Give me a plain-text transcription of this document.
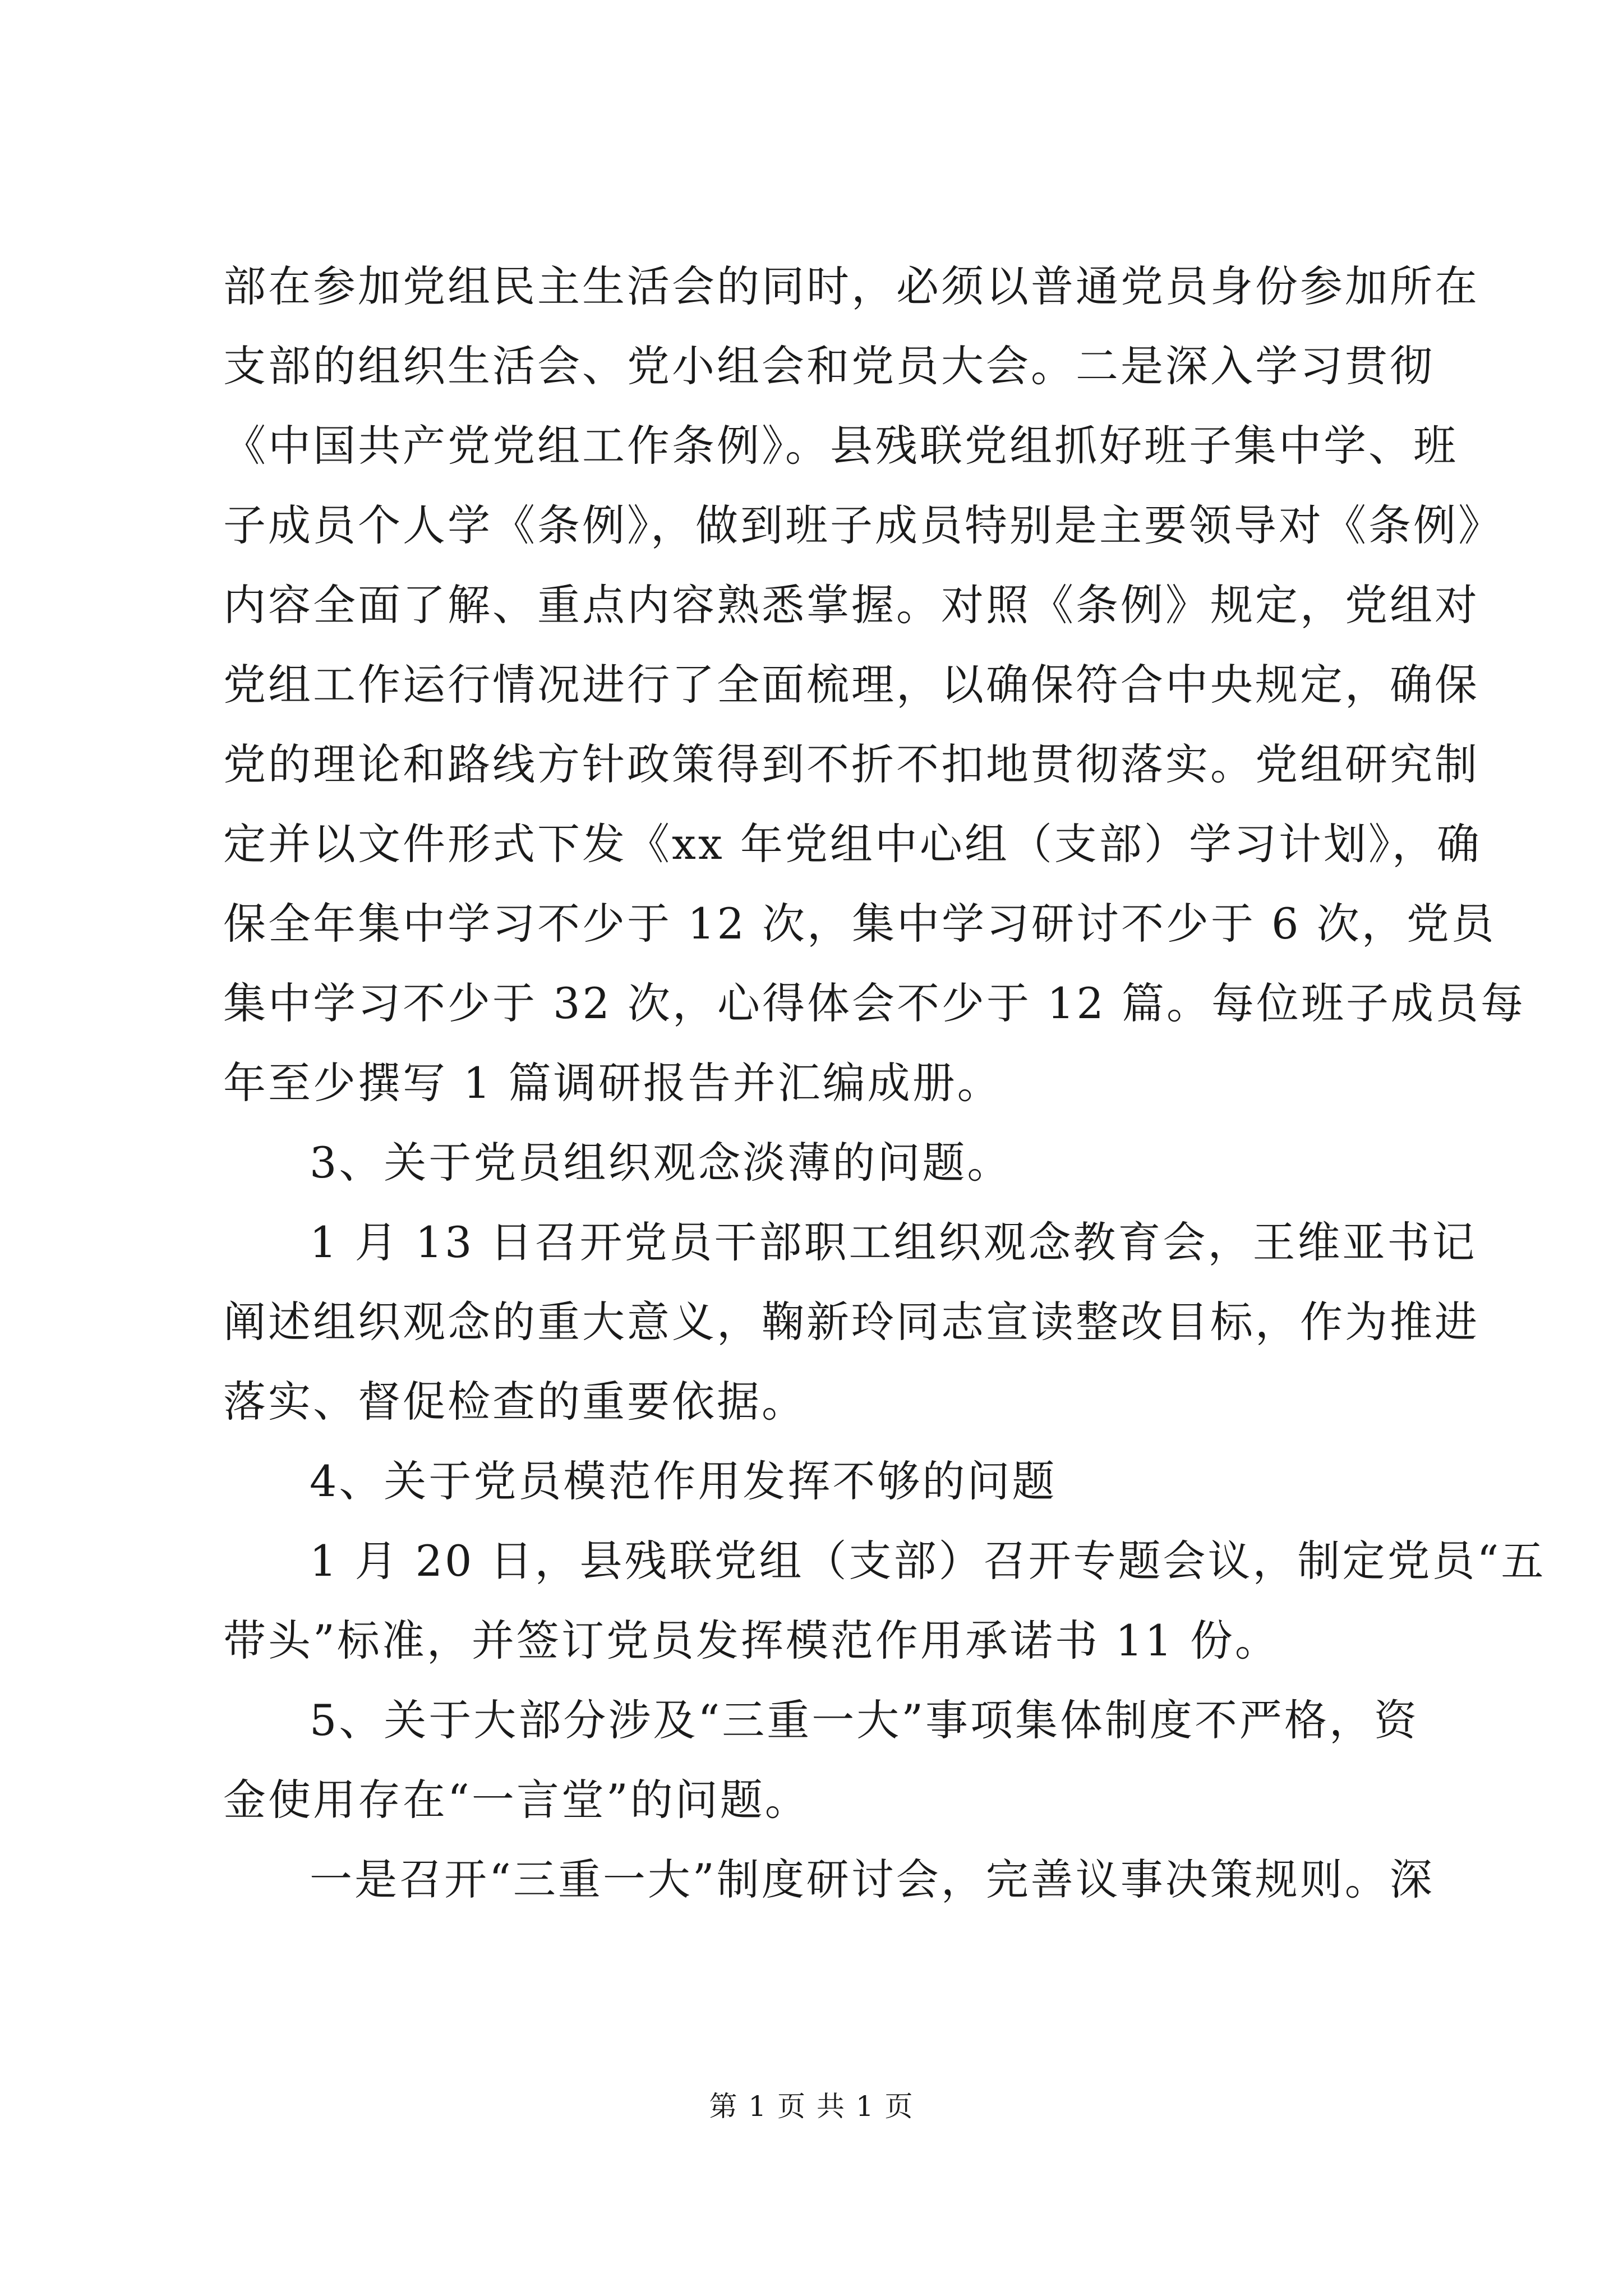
部在参加党组民主生活会的同时，必须以普通党员身份参加所在
支部的组织生活会、党小组会和党员大会。二是深入学习贯彻
《中国共产党党组工作条例》。县残联党组抓好班子集中学、班
子成员个人学《条例》，做到班子成员特别是主要领导对《条例》
内容全面了解、重点内容熟悉掌握。对照《条例》规定，党组对
党组工作运行情况进行了全面梳理，以确保符合中央规定，确保
党的理论和路线方针政策得到不折不扣地贯彻落实。党组研究制
定并以文件形式下发《xx 年党组中心组（支部）学习计划》，确
保全年集中学习不少于 12 次，集中学习研讨不少于 6 次，党员
集中学习不少于 32 次，心得体会不少于 12 篇。每位班子成员每
年至少撰写 1 篇调研报告并汇编成册。
3、关于党员组织观念淡薄的问题。
1 月 13 日召开党员干部职工组织观念教育会，王维亚书记
阐述组织观念的重大意义，鞠新玲同志宣读整改目标，作为推进
落实、督促检查的重要依据。
4、关于党员模范作用发挥不够的问题
1 月 20 日，县残联党组（支部）召开专题会议，制定党员“五
带头”标准，并签订党员发挥模范作用承诺书 11 份。
5、关于大部分涉及“三重一大”事项集体制度不严格，资
金使用存在“一言堂”的问题。
一是召开“三重一大”制度研讨会，完善议事决策规则。深
第 1 页 共 1 页
